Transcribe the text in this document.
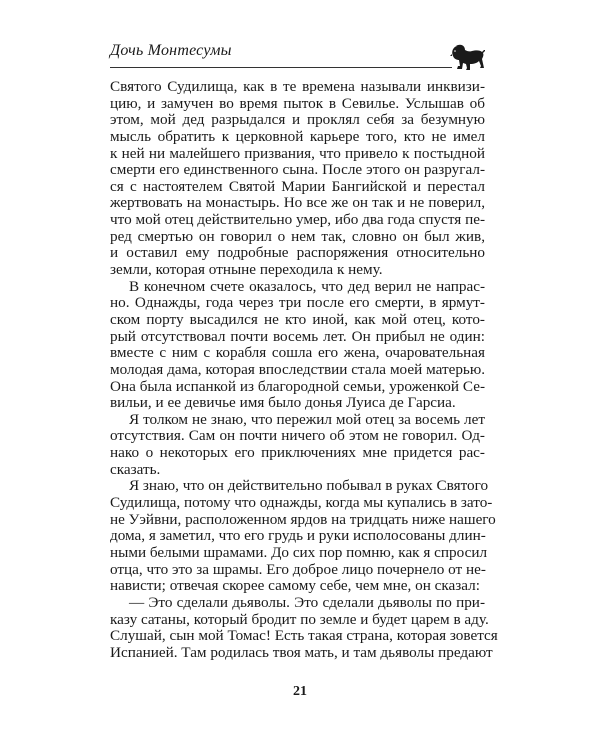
Дочь Монтесумы
Святого Судилища, как в те времена называли инквизи-
цию, и замучен во время пыток в Севилье. Услышав об
этом, мой дед разрыдался и проклял себя за безумную
мысль обратить к церковной карьере того, кто не имел
к ней ни малейшего призвания, что привело к постыдной
смерти его единственного сына. После этого он разругал-
ся с настоятелем Святой Марии Бангийской и перестал
жертвовать на монастырь. Но все же он так и не поверил,
что мой отец действительно умер, ибо два года спустя пе-
ред смертью он говорил о нем так, словно он был жив,
и оставил ему подробные распоряжения относительно
земли, которая отныне переходила к нему.
В конечном счете оказалось, что дед верил не напрас-
но. Однажды, года через три после его смерти, в ярмут-
ском порту высадился не кто иной, как мой отец, кото-
рый отсутствовал почти восемь лет. Он прибыл не один:
вместе с ним с корабля сошла его жена, очаровательная
молодая дама, которая впоследствии стала моей матерью.
Она была испанкой из благородной семьи, уроженкой Се-
вильи, и ее девичье имя было донья Луиса де Гарсиа.
Я толком не знаю, что пережил мой отец за восемь лет
отсутствия. Сам он почти ничего об этом не говорил. Од-
нако о некоторых его приключениях мне придется рас-
сказать.
Я знаю, что он действительно побывал в руках Святого
Судилища, потому что однажды, когда мы купались в зато-
не Уэйвни, расположенном ярдов на тридцать ниже нашего
дома, я заметил, что его грудь и руки исполосованы длин-
ными белыми шрамами. До сих пор помню, как я спросил
отца, что это за шрамы. Его доброе лицо почернело от не-
нависти; отвечая скорее самому себе, чем мне, он сказал:
— Это сделали дьяволы. Это сделали дьяволы по при-
казу сатаны, который бродит по земле и будет царем в аду.
Слушай, сын мой Томас! Есть такая страна, которая зовется
Испанией. Там родилась твоя мать, и там дьяволы предают
21
